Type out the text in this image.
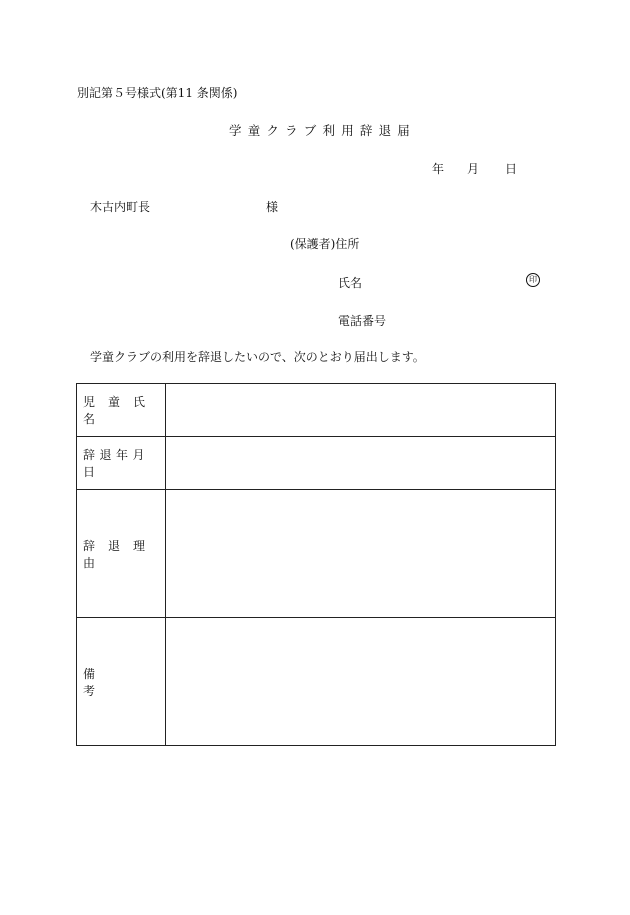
別記第５号様式(第11 条関係)
学童クラブ利用辞退届
年 月 日
木古内町長	様
(保護者)住所
氏名	印
電話番号
学童クラブの利用を辞退したいので、次のとおり届出します。
児童氏名	

辞退年月日	

辞退理由	

備考	
